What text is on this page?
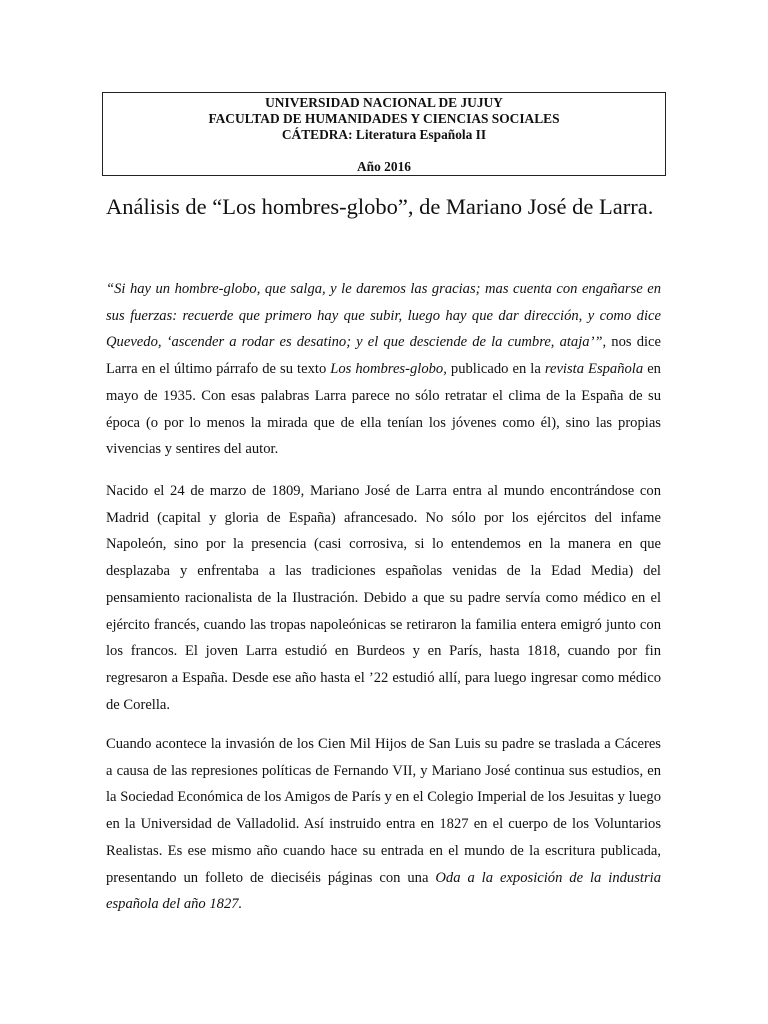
UNIVERSIDAD NACIONAL DE JUJUY
FACULTAD DE HUMANIDADES Y CIENCIAS SOCIALES
CÁTEDRA: Literatura Española II
Año 2016
Análisis de “Los hombres-globo”, de Mariano José de Larra.

“Si hay un hombre-globo, que salga, y le daremos las gracias; mas cuenta con engañarse en sus fuerzas: recuerde que primero hay que subir, luego hay que dar dirección, y como dice Quevedo, ‘ascender a rodar es desatino; y el que desciende de la cumbre, ataja’”, nos dice Larra en el último párrafo de su texto Los hombres-globo, publicado en la revista Española en mayo de 1935. Con esas palabras Larra parece no sólo retratar el clima de la España de su época (o por lo menos la mirada que de ella tenían los jóvenes como él), sino las propias vivencias y sentires del autor.

Nacido el 24 de marzo de 1809, Mariano José de Larra entra al mundo encontrándose con Madrid (capital y gloria de España) afrancesado. No sólo por los ejércitos del infame Napoleón, sino por la presencia (casi corrosiva, si lo entendemos en la manera en que desplazaba y enfrentaba a las tradiciones españolas venidas de la Edad Media) del pensamiento racionalista de la Ilustración. Debido a que su padre servía como médico en el ejército francés, cuando las tropas napoleónicas se retiraron la familia entera emigró junto con los francos. El joven Larra estudió en Burdeos y en París, hasta 1818, cuando por fin regresaron a España. Desde ese año hasta el ’22 estudió allí, para luego ingresar como médico de Corella.

Cuando acontece la invasión de los Cien Mil Hijos de San Luis su padre se traslada a Cáceres a causa de las represiones políticas de Fernando VII, y Mariano José continua sus estudios, en la Sociedad Económica de los Amigos de París y en el Colegio Imperial de los Jesuitas y luego en la Universidad de Valladolid. Así instruido entra en 1827 en el cuerpo de los Voluntarios Realistas. Es ese mismo año cuando hace su entrada en el mundo de la escritura publicada, presentando un folleto de dieciséis páginas con una Oda a la exposición de la industria española del año 1827.
